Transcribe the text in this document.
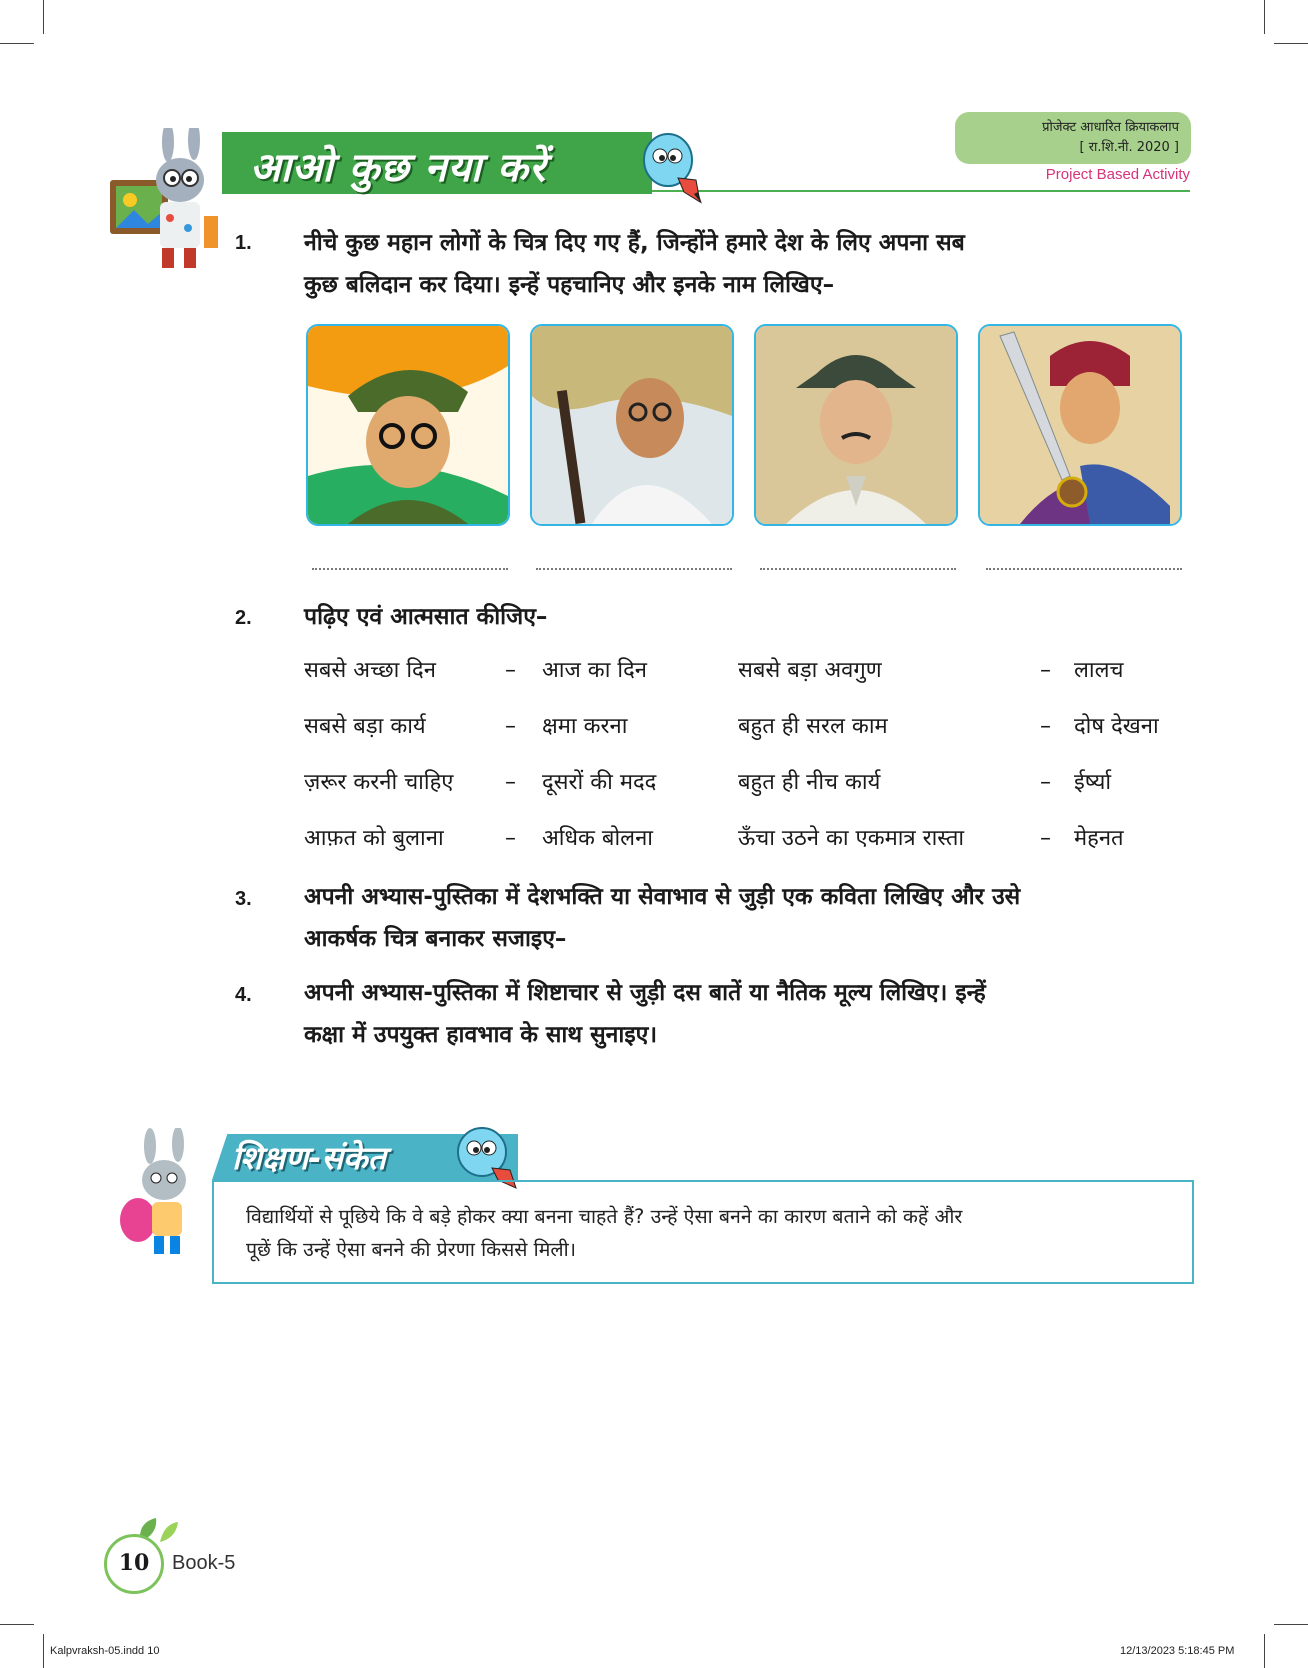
प्रोजेक्ट आधारित क्रियाकलाप
[ रा.शि.नी. 2020 ]
Project Based Activity
आओ कुछ नया करें
1. नीचे कुछ महान लोगों के चित्र दिए गए हैं, जिन्होंने हमारे देश के लिए अपना सब
कुछ बलिदान कर दिया। इन्हें पहचानिए और इनके नाम लिखिए–
2. पढ़िए एवं आत्मसात कीजिए–
सबसे अच्छा दिन	– आज का दिन	सबसे बड़ा अवगुण	– लालच
सबसे बड़ा कार्य	– क्षमा करना	बहुत ही सरल काम	– दोष देखना
ज़रूर करनी चाहिए – दूसरों की मदद	बहुत ही नीच कार्य	– ईर्ष्या
आफ़त को बुलाना	– अधिक बोलना	ऊँचा उठने का एकमात्र रास्ता	– मेहनत
3. अपनी अभ्यास-पुस्तिका में देशभक्ति या सेवाभाव से जुड़ी एक कविता लिखिए और उसे
आकर्षक चित्र बनाकर सजाइए–
4. अपनी अभ्यास-पुस्तिका में शिष्टाचार से जुड़ी दस बातें या नैतिक मूल्य लिखिए। इन्हें
कक्षा में उपयुक्त हावभाव के साथ सुनाइए।
शिक्षण-संकेत
विद्यार्थियों से पूछिये कि वे बड़े होकर क्या बनना चाहते हैं? उन्हें ऐसा बनने का कारण बताने को कहें और
पूछें कि उन्हें ऐसा बनने की प्रेरणा किससे मिली।
10	Book-5
Kalpvraksh-05.indd 10	12/13/2023 5:18:45 PM
